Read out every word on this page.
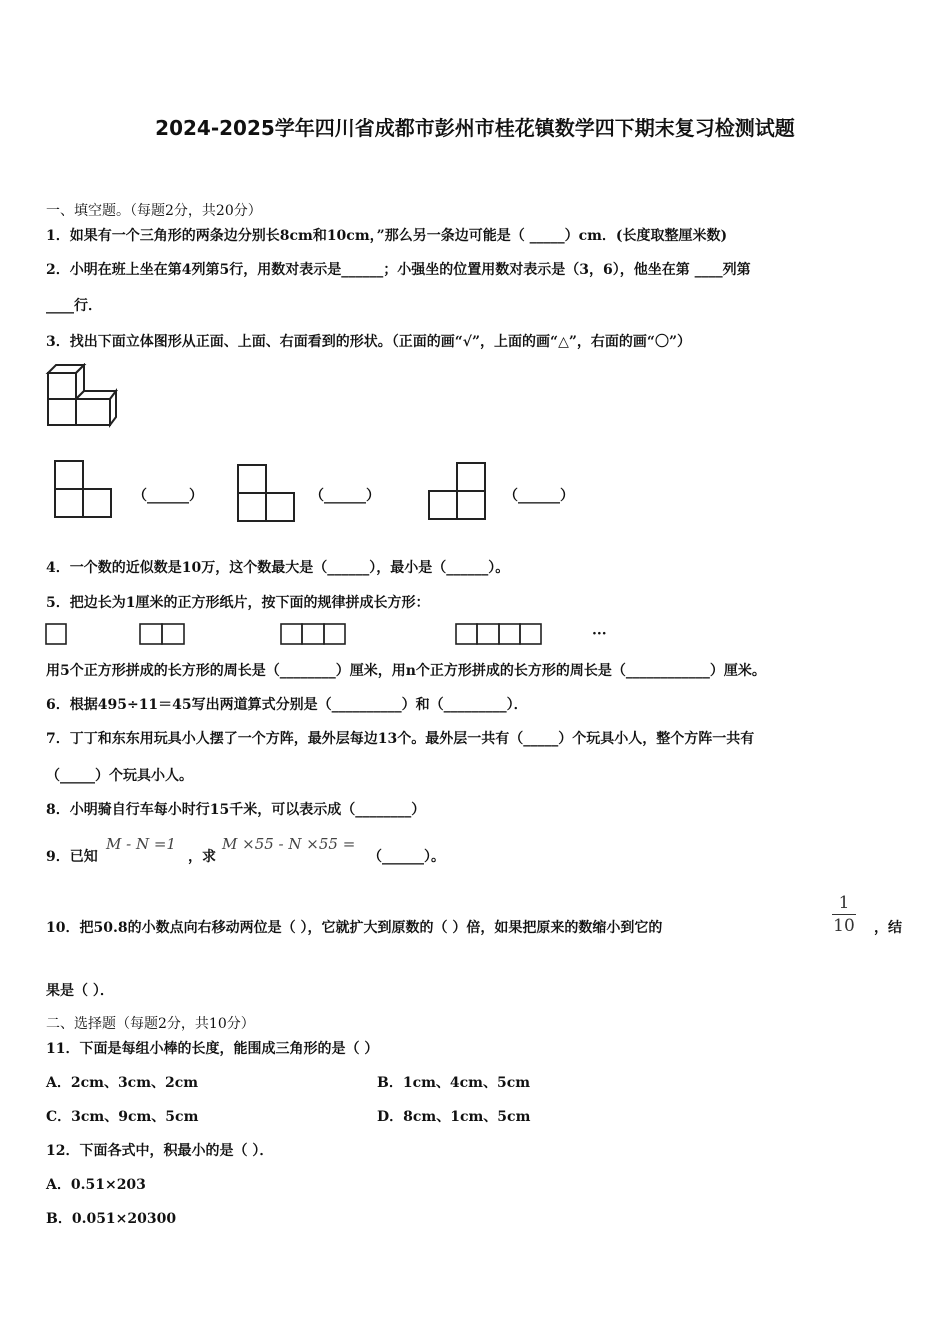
2024-2025学年四川省成都市彭州市桂花镇数学四下期末复习检测试题
一、填空题。（每题2分，共20分）
1．如果有一个三角形的两条边分别长8cm和10cm，”那么另一条边可能是（ _____）cm．(长度取整厘米数)
2．小明在班上坐在第4列第5行，用数对表示是______；小强坐的位置用数对表示是（3，6），他坐在第 ____列第
____行．
3．找出下面立体图形从正面、上面、右面看到的形状。（正面的画“√”，上面的画“△”，右面的画“〇”）
（______）	（______）	（______）
4．一个数的近似数是10万，这个数最大是（______），最小是（______）。
5．把边长为1厘米的正方形纸片，按下面的规律拼成长方形：
···
用5个正方形拼成的长方形的周长是（________）厘米，用n个正方形拼成的长方形的周长是（____________）厘米。
6．根据495÷11＝45写出两道算式分别是（__________）和（_________）．
7．丁丁和东东用玩具小人摆了一个方阵，最外层每边13个。最外层一共有（_____）个玩具小人，整个方阵一共有
（_____）个玩具小人。
8．小明骑自行车每小时行15千米，可以表示成（________）
9．已知
M - N =1
，求
M ×55 - N ×55 =
（______）。
10．把50.8的小数点向右移动两位是（ ），它就扩大到原数的（ ）倍，如果把原来的数缩小到它的
1
10 ，结
果是（ ）．
二、选择题（每题2分，共10分）
11．下面是每组小棒的长度，能围成三角形的是（ ）
A．2cm、3cm、2cm	B．1cm、4cm、5cm
C．3cm、9cm、5cm	D．8cm、1cm、5cm
12．下面各式中，积最小的是（ ）．
A．0.51×203
B．0.051×20300
